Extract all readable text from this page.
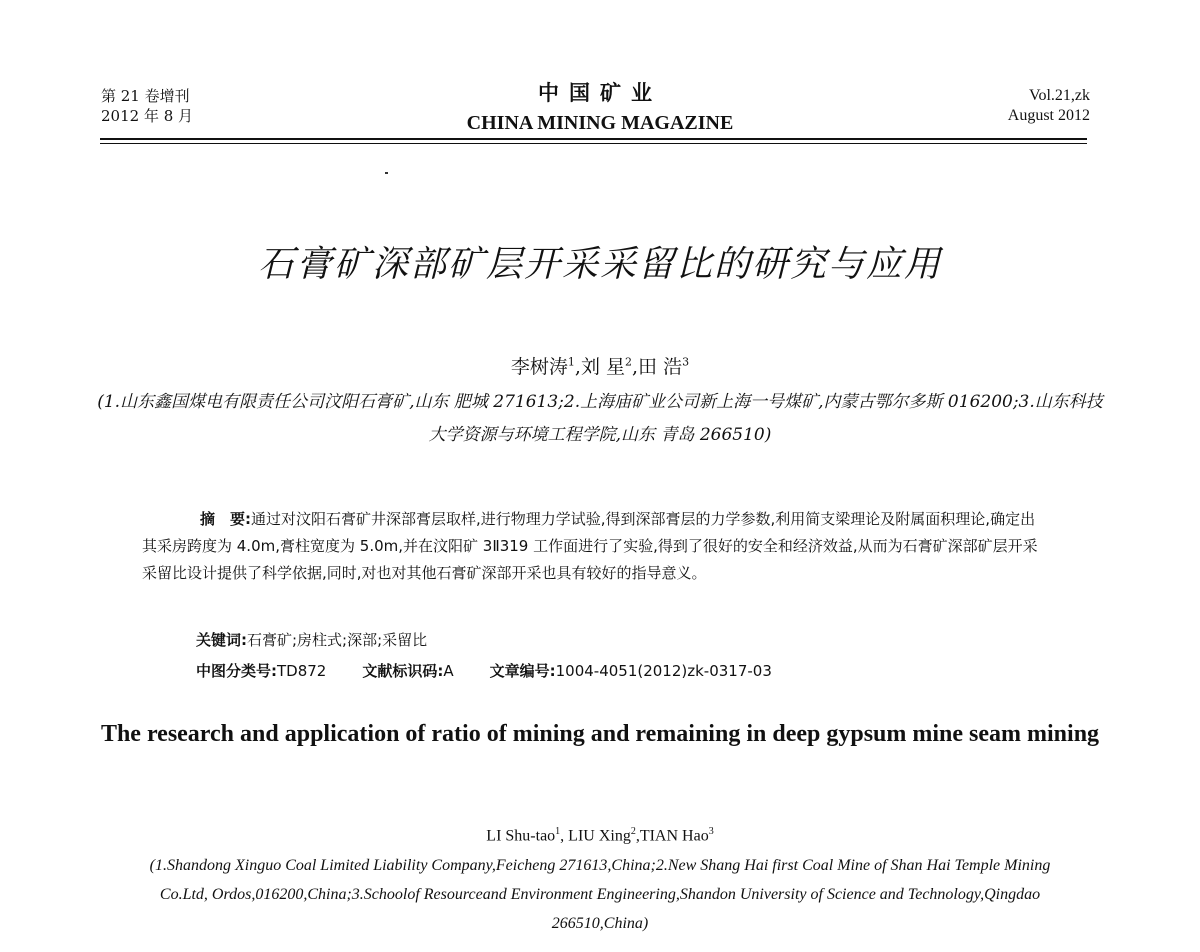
第 21 卷增刊
2012 年 8 月
中国矿业
CHINA MINING MAGAZINE
Vol.21,zk
August 2012
石膏矿深部矿层开采采留比的研究与应用
李树涛$^1$,刘 星$^2$,田 浩$^3$
(1.山东鑫国煤电有限责任公司汶阳石膏矿,山东 肥城 271613;2.上海庙矿业公司新上海一号煤矿,内蒙古鄂尔多斯 016200;3.山东科技大学资源与环境工程学院,山东 青岛 266510)
摘　要:通过对汶阳石膏矿井深部膏层取样,进行物理力学试验,得到深部膏层的力学参数,利用简支梁理论及附属面积理论,确定出其采房跨度为 4.0m,膏柱宽度为 5.0m,并在汶阳矿 3Ⅱ319 工作面进行了实验,得到了很好的安全和经济效益,从而为石膏矿深部矿层开采采留比设计提供了科学依据,同时,对也对其他石膏矿深部开采也具有较好的指导意义。
关键词:石膏矿;房柱式;深部;采留比
中图分类号:TD872 文献标识码:A 文章编号:1004-4051(2012)zk-0317-03
The research and application of ratio of mining and remaining in deep gypsum mine seam mining
LI Shu-tao$^1$, LIU Xing$^2$,TIAN Hao$^3$
(1.Shandong Xinguo Coal Limited Liability Company,Feicheng 271613,China;2.New Shang Hai first Coal Mine of Shan Hai Temple Mining Co.Ltd, Ordos,016200,China;3.Schoolof Resourceand Environment Engineering,Shandon University of Science and Technology,Qingdao 266510,China)
